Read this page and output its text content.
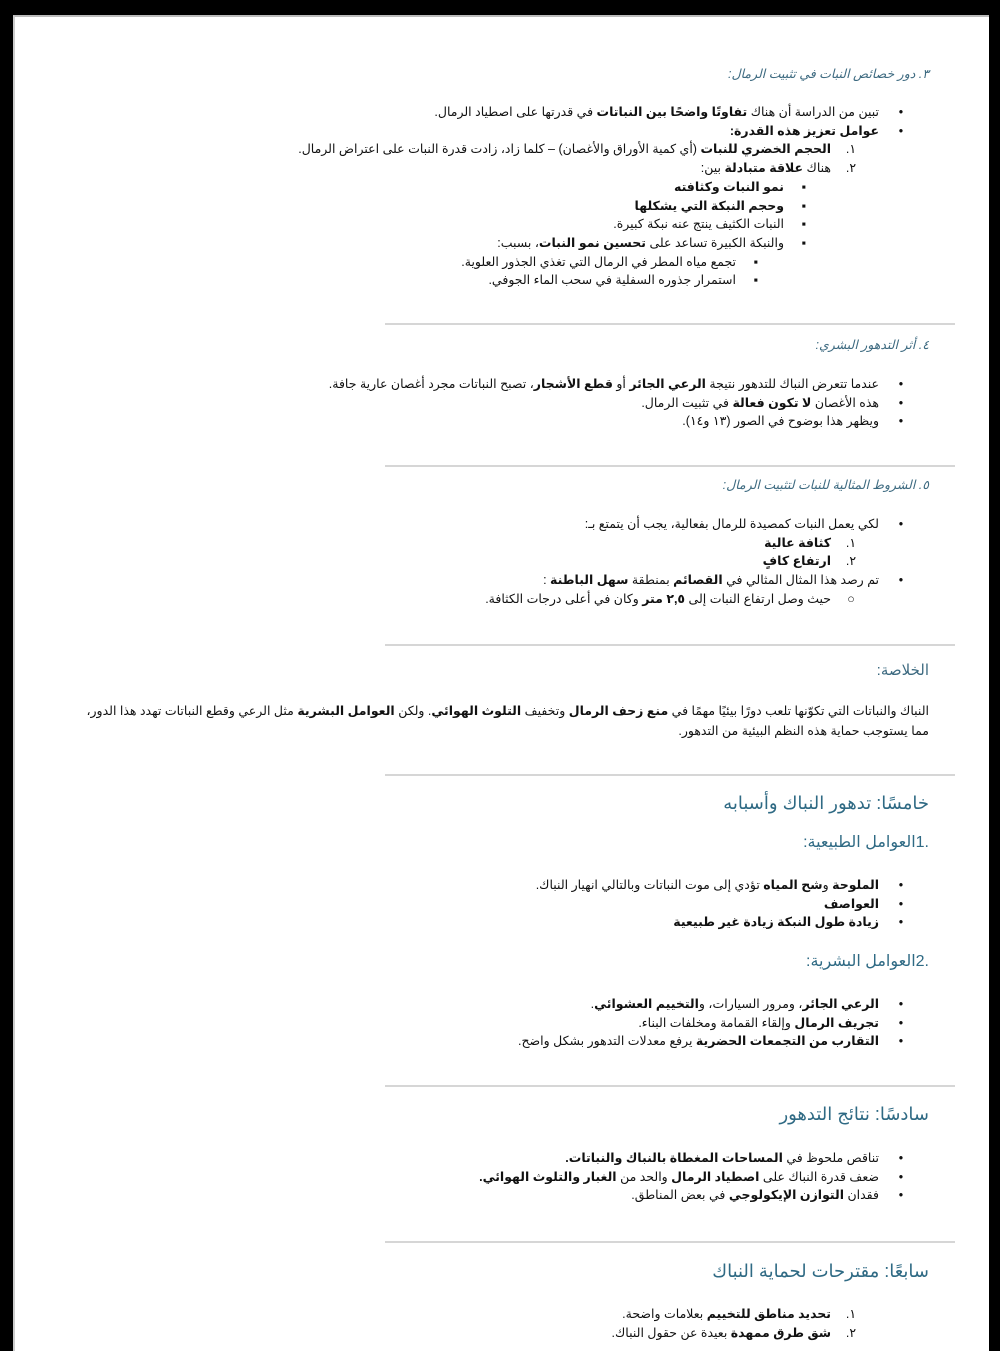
٣. دور خصائص النبات في تثبيت الرمال:
•
تبين من الدراسة أن هناك تفاوتًا واضحًا بين النباتات في قدرتها على اصطياد الرمال.
•
عوامل تعزيز هذه القدرة:
١.
الحجم الخضري للنبات (أي كمية الأوراق والأغصان) – كلما زاد، زادت قدرة النبات على اعتراض الرمال.
٢.
هناك علاقة متبادلة بين:
▪
نمو النبات وكثافته
▪
وحجم النبكة التي يشكلها
▪
النبات الكثيف ينتج عنه نبكة كبيرة.
▪
والنبكة الكبيرة تساعد على تحسين نمو النبات، بسبب:
▪
تجمع مياه المطر في الرمال التي تغذي الجذور العلوية.
▪
استمرار جذوره السفلية في سحب الماء الجوفي.
٤. أثر التدهور البشري:
•
عندما تتعرض النباك للتدهور نتيجة الرعي الجائر أو قطع الأشجار، تصبح النباتات مجرد أغصان عارية جافة.
•
هذه الأغصان لا تكون فعالة في تثبيت الرمال.
•
ويظهر هذا بوضوح في الصور (١٣ و١٤).
٥. الشروط المثالية للنبات لتثبيت الرمال:
•
لكي يعمل النبات كمصيدة للرمال بفعالية، يجب أن يتمتع بـ:
١.
كثافة عالية
٢.
ارتفاع كافٍ
•
تم رصد هذا المثال المثالي في القصائم بمنطقة سهل الباطنة :
○
حيث وصل ارتفاع النبات إلى ٢,٥ متر وكان في أعلى درجات الكثافة.
الخلاصة:
النباك والنباتات التي تكوّنها تلعب دورًا بيئيًا مهمًا في منع زحف الرمال وتخفيف التلوث الهوائي. ولكن العوامل البشرية مثل الرعي وقطع النباتات تهدد هذا الدور، مما يستوجب حماية هذه النظم البيئية من التدهور.
خامسًا: تدهور النباك وأسبابه
.1العوامل الطبيعية:
•
الملوحة وشح المياه تؤدي إلى موت النباتات وبالتالي انهيار النباك.
•
العواصف
•
زيادة طول النبكة زيادة غير طبيعية
.2العوامل البشرية:
•
الرعي الجائر، ومرور السيارات، والتخييم العشوائي.
•
تجريف الرمال وإلقاء القمامة ومخلفات البناء.
•
التقارب من التجمعات الحضرية يرفع معدلات التدهور بشكل واضح.
سادسًا: نتائج التدهور
•
تناقص ملحوظ في المساحات المغطاة بالنباك والنباتات.
•
ضعف قدرة النباك على اصطياد الرمال والحد من الغبار والتلوث الهوائي.
•
فقدان التوازن الإيكولوجي في بعض المناطق.
سابعًا: مقترحات لحماية النباك
١.
تحديد مناطق للتخييم بعلامات واضحة.
٢.
شق طرق ممهدة بعيدة عن حقول النباك.
